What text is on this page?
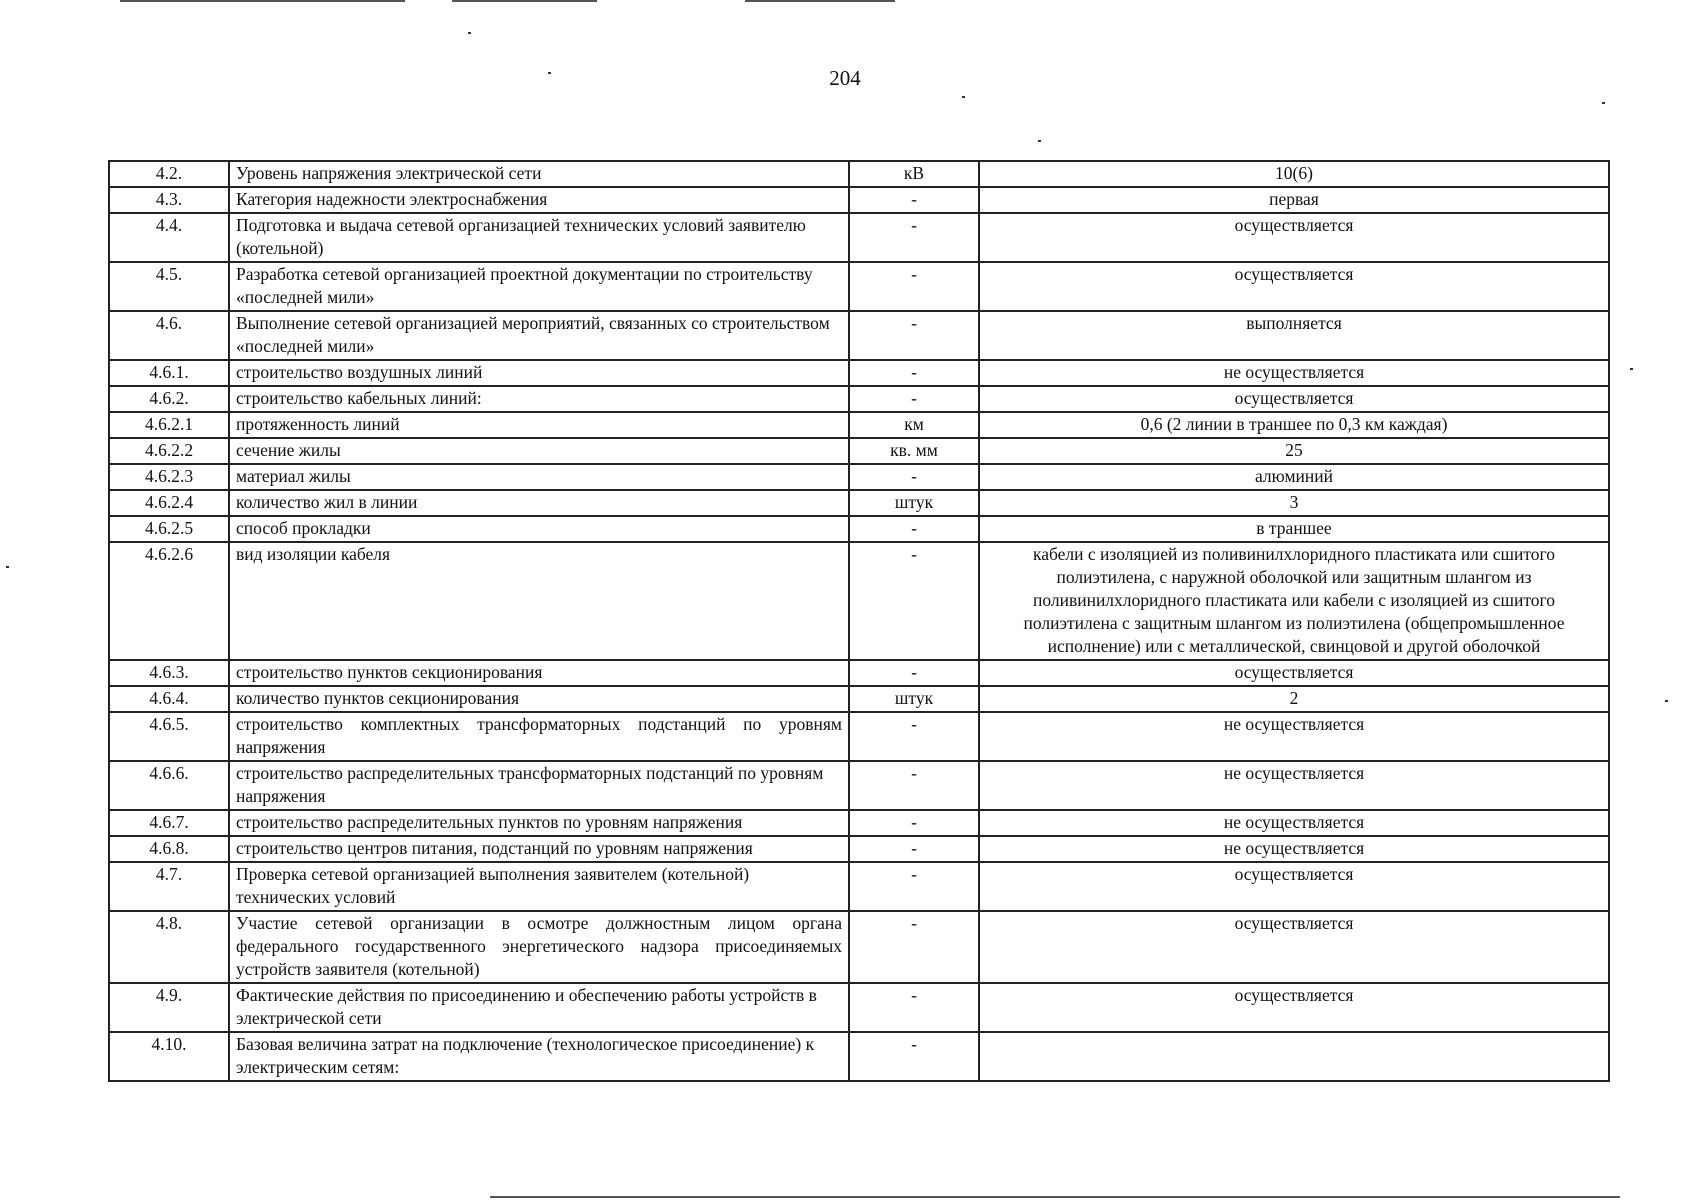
204
4.2.	Уровень напряжения электрической сети	кВ	10(6)
4.3.	Категория надежности электроснабжения	-	первая
4.4.	Подготовка и выдача сетевой организацией технических условий заявителю (котельной)	-	осуществляется
4.5.	Разработка сетевой организацией проектной документации по строительству «последней мили»	-	осуществляется
4.6.	Выполнение сетевой организацией мероприятий, связанных со строительством «последней мили»	-	выполняется
4.6.1.	строительство воздушных линий	-	не осуществляется
4.6.2.	строительство кабельных линий:	-	осуществляется
4.6.2.1	протяженность линий	км	0,6 (2 линии в траншее по 0,3 км каждая)
4.6.2.2	сечение жилы	кв. мм	25
4.6.2.3	материал жилы	-	алюминий
4.6.2.4	количество жил в линии	штук	3
4.6.2.5	способ прокладки	-	в траншее
4.6.2.6	вид изоляции кабеля	-	кабели с изоляцией из поливинилхлоридного пластиката или сшитого полиэтилена, с наружной оболочкой или защитным шлангом из поливинилхлоридного пластиката или кабели с изоляцией из сшитого полиэтилена с защитным шлангом из полиэтилена (общепромышленное исполнение) или с металлической, свинцовой и другой оболочкой
4.6.3.	строительство пунктов секционирования	-	осуществляется
4.6.4.	количество пунктов секционирования	штук	2
4.6.5.	строительство комплектных трансформаторных подстанций по уровням напряжения	-	не осуществляется
4.6.6.	строительство распределительных трансформаторных подстанций по уровням напряжения	-	не осуществляется
4.6.7.	строительство распределительных пунктов по уровням напряжения	-	не осуществляется
4.6.8.	строительство центров питания, подстанций по уровням напряжения	-	не осуществляется
4.7.	Проверка сетевой организацией выполнения заявителем (котельной) технических условий	-	осуществляется
4.8.	Участие сетевой организации в осмотре должностным лицом органа федерального государственного энергетического надзора присоединяемых устройств заявителя (котельной)	-	осуществляется
4.9.	Фактические действия по присоединению и обеспечению работы устройств в электрической сети	-	осуществляется
4.10.	Базовая величина затрат на подключение (технологическое присоединение) к электрическим сетям:	-	
